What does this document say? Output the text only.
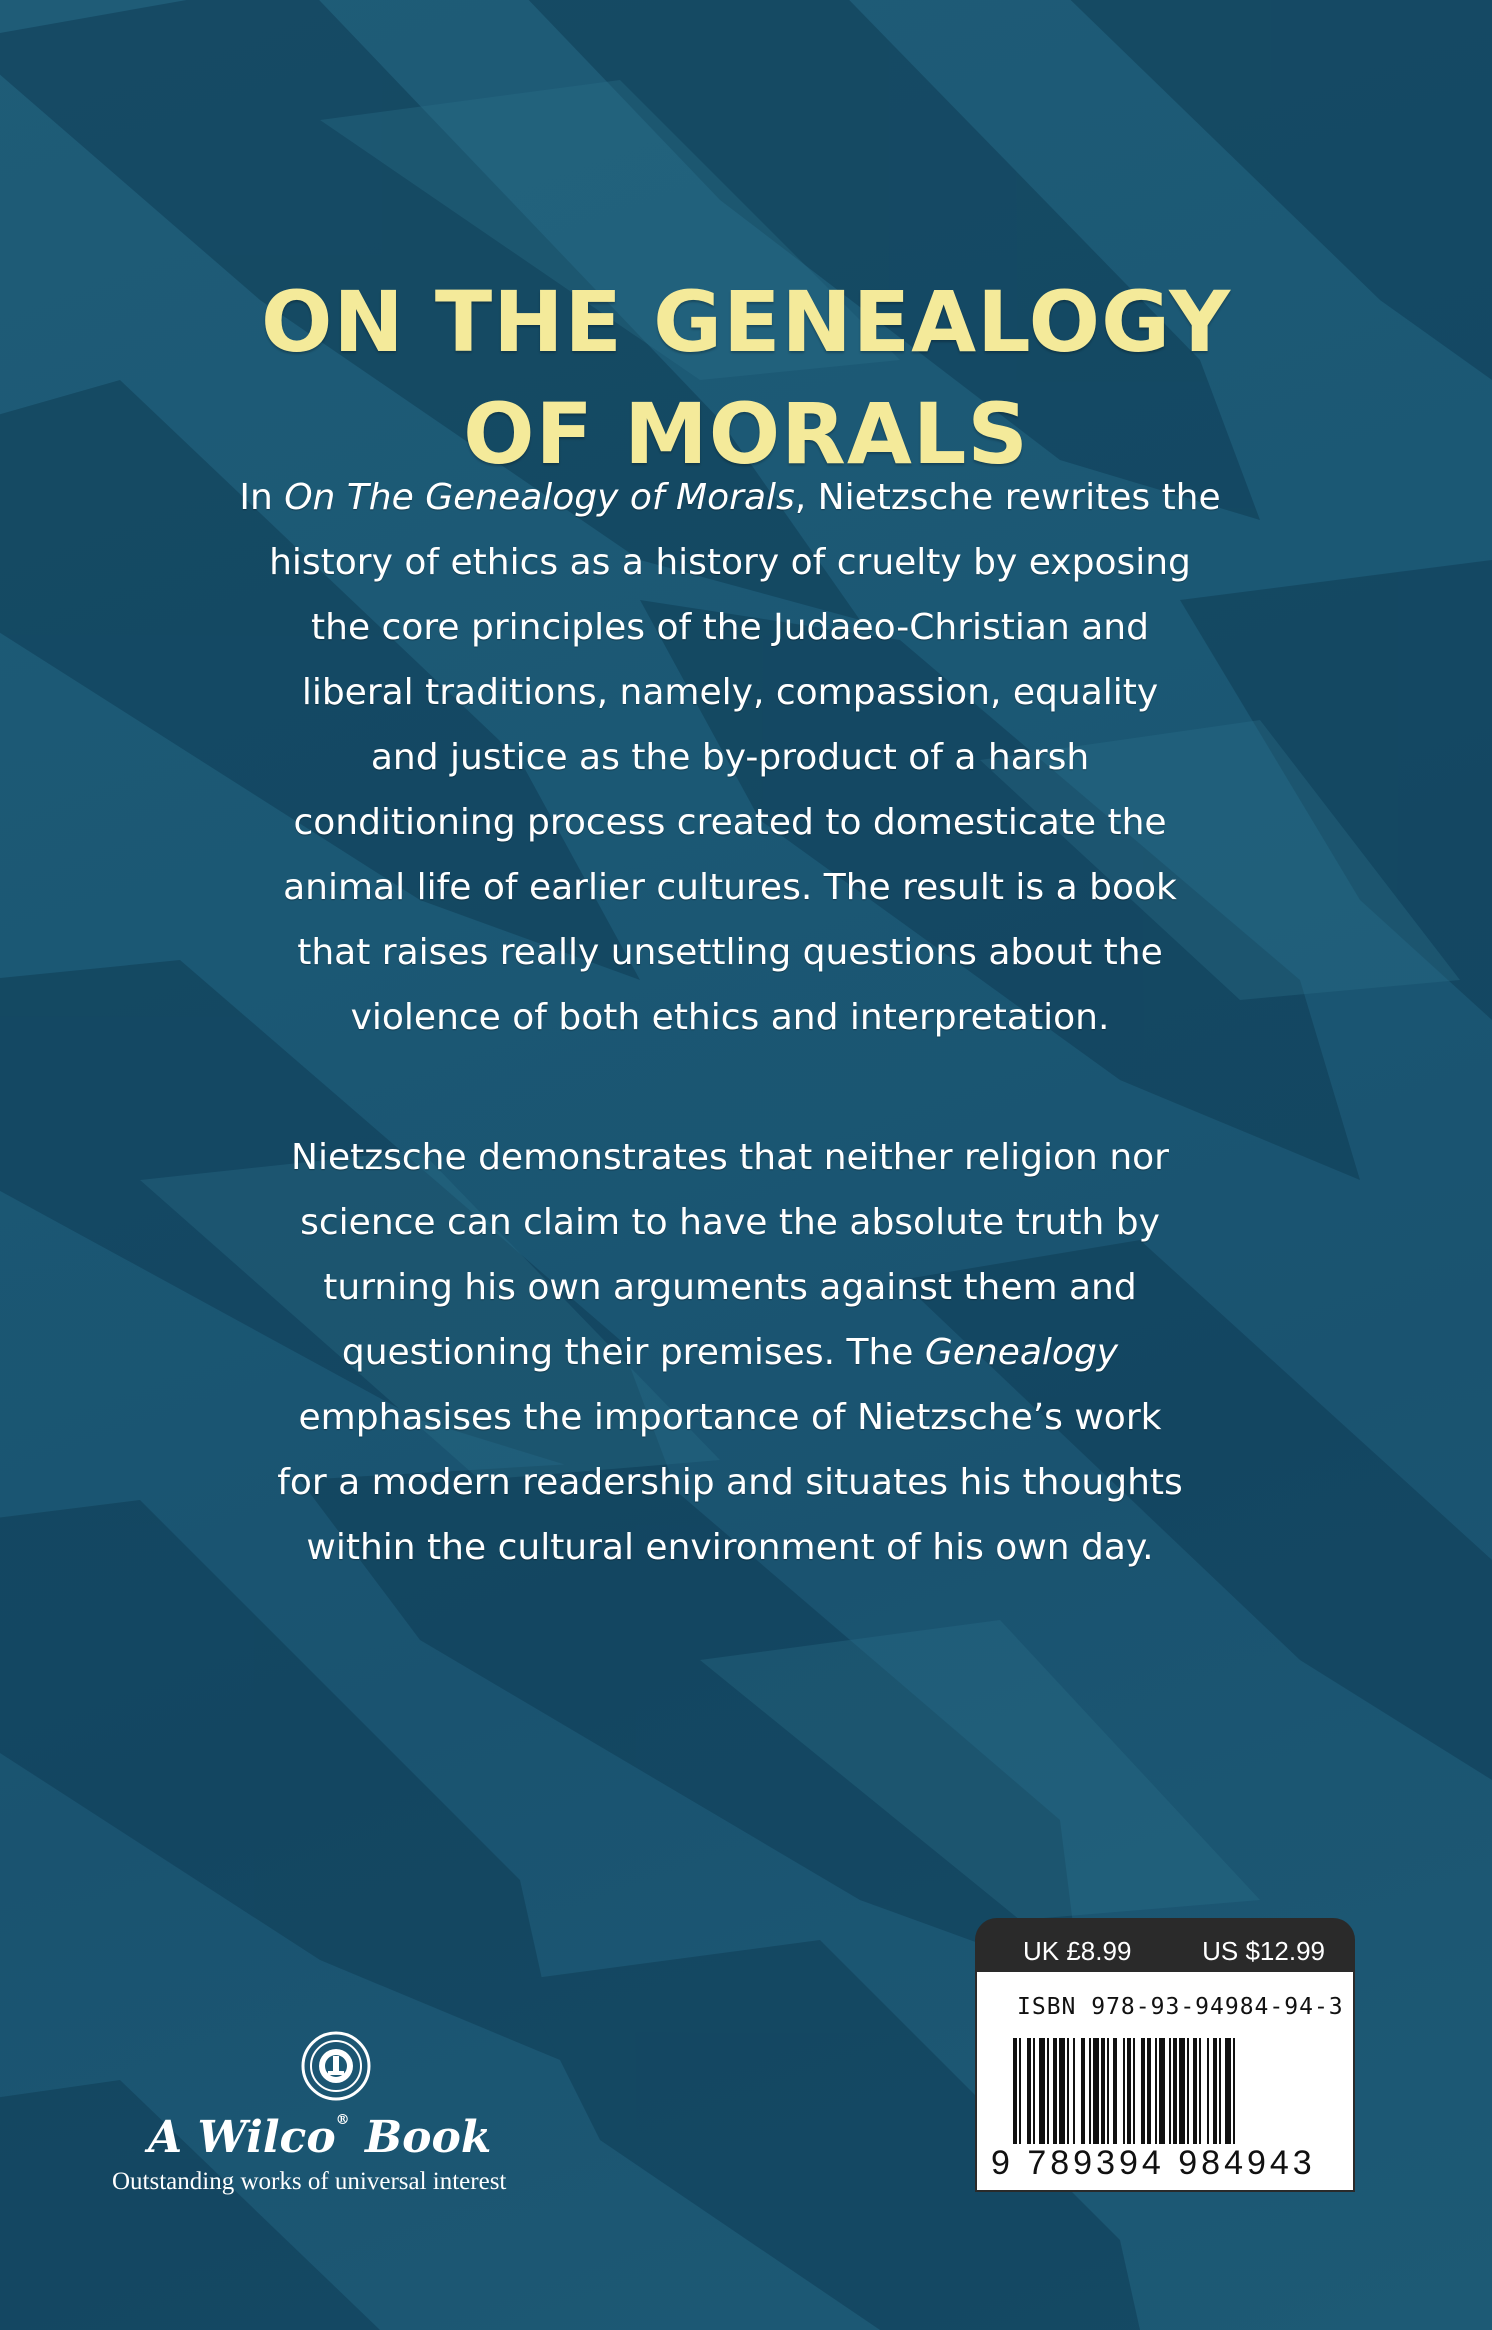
ON THE GENEALOGY
OF MORALS
In On The Genealogy of Morals, Nietzsche rewrites the
history of ethics as a history of cruelty by exposing
the core principles of the Judaeo-Christian and
liberal traditions, namely, compassion, equality
and justice as the by-product of a harsh
conditioning process created to domesticate the
animal life of earlier cultures. The result is a book
that raises really unsettling questions about the
violence of both ethics and interpretation.
Nietzsche demonstrates that neither religion nor
science can claim to have the absolute truth by
turning his own arguments against them and
questioning their premises. The Genealogy
emphasises the importance of Nietzsche’s work
for a modern readership and situates his thoughts
within the cultural environment of his own day.
A Wilco® Book
Outstanding works of universal interest
UK £8.99	US $12.99
ISBN 978-93-94984-94-3
9 789394 984943
